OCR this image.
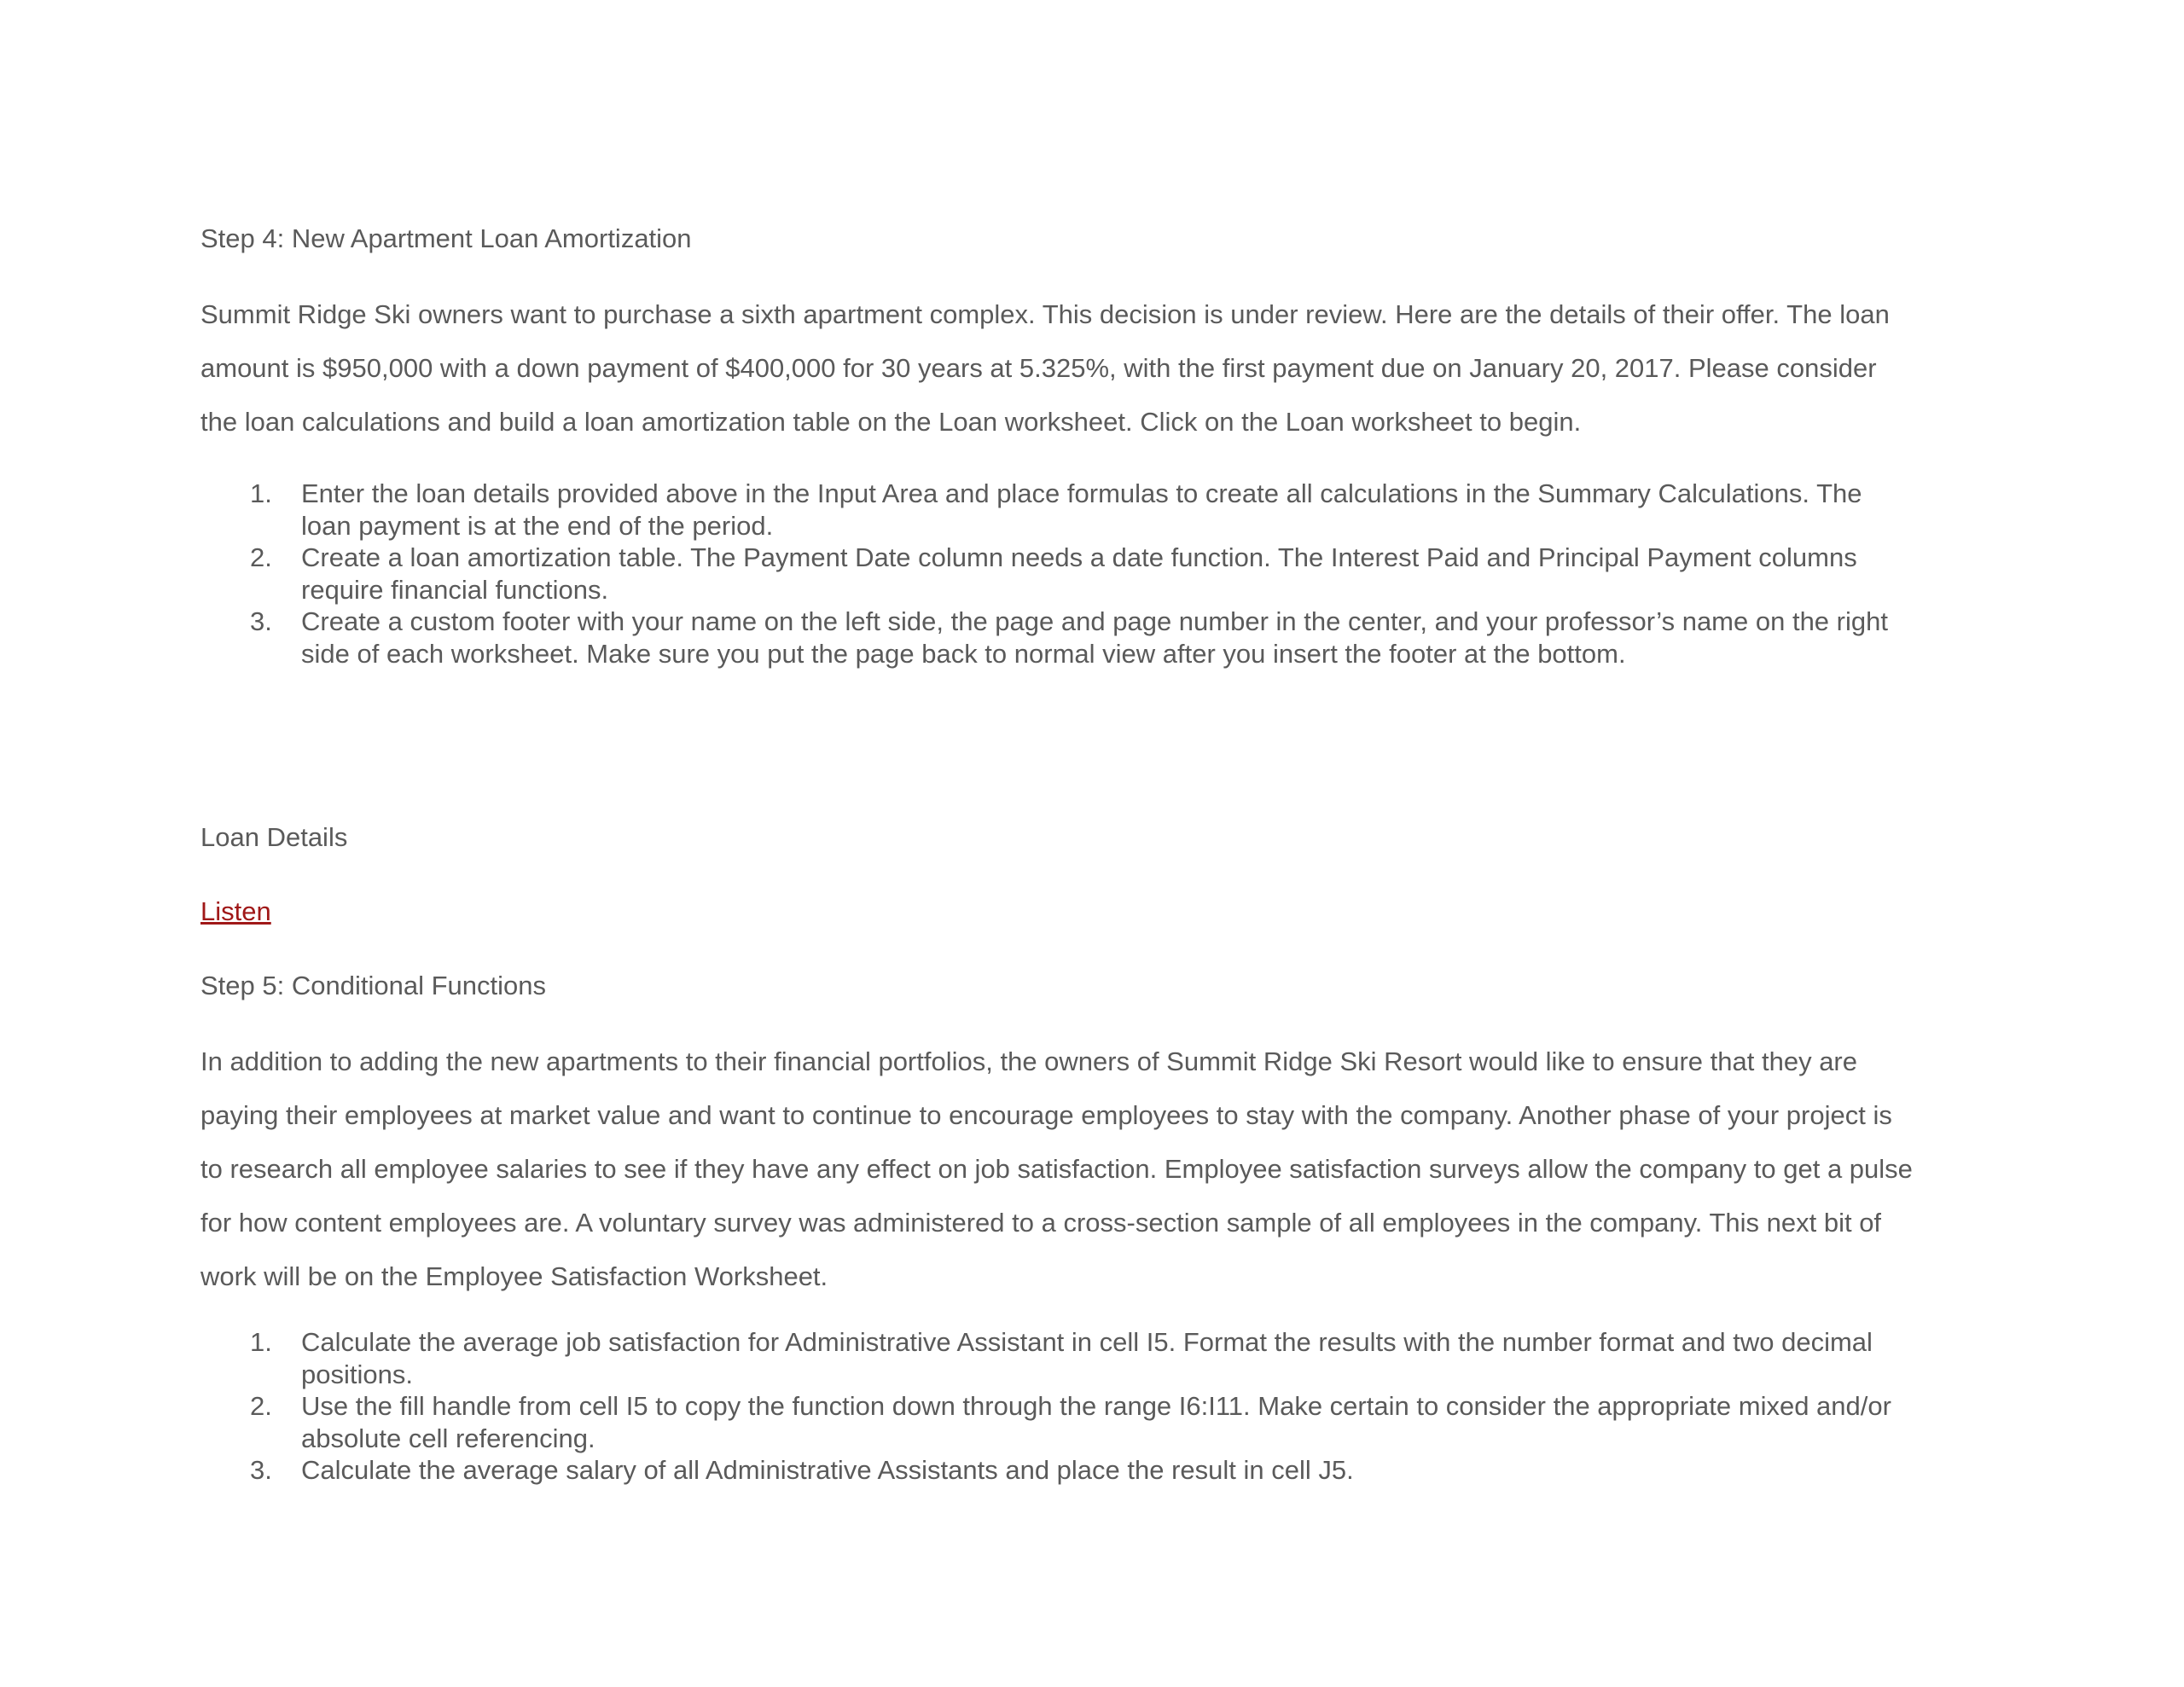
Step 4: New Apartment Loan Amortization
Summit Ridge Ski owners want to purchase a sixth apartment complex. This decision is under review. Here are the details of their offer. The loan
amount is $950,000 with a down payment of $400,000 for 30 years at 5.325%, with the first payment due on January 20, 2017. Please consider
the loan calculations and build a loan amortization table on the Loan worksheet. Click on the Loan worksheet to begin.
1. Enter the loan details provided above in the Input Area and place formulas to create all calculations in the Summary Calculations. The
loan payment is at the end of the period.
2. Create a loan amortization table. The Payment Date column needs a date function. The Interest Paid and Principal Payment columns
require financial functions.
3. Create a custom footer with your name on the left side, the page and page number in the center, and your professor’s name on the right
side of each worksheet. Make sure you put the page back to normal view after you insert the footer at the bottom.
Loan Details
Listen
Step 5: Conditional Functions
In addition to adding the new apartments to their financial portfolios, the owners of Summit Ridge Ski Resort would like to ensure that they are
paying their employees at market value and want to continue to encourage employees to stay with the company. Another phase of your project is
to research all employee salaries to see if they have any effect on job satisfaction. Employee satisfaction surveys allow the company to get a pulse
for how content employees are. A voluntary survey was administered to a cross-section sample of all employees in the company. This next bit of
work will be on the Employee Satisfaction Worksheet.
1. Calculate the average job satisfaction for Administrative Assistant in cell I5. Format the results with the number format and two decimal
positions.
2. Use the fill handle from cell I5 to copy the function down through the range I6:I11. Make certain to consider the appropriate mixed and/or
absolute cell referencing.
3. Calculate the average salary of all Administrative Assistants and place the result in cell J5.
